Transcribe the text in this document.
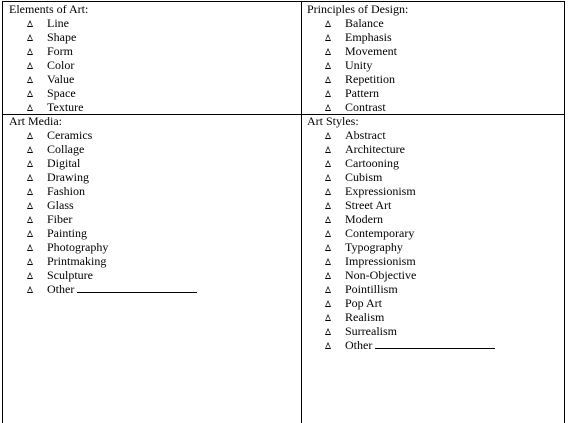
Elements of Art:
Line
Shape
Form
Color
Value
Space
Texture
Principles of Design:
Balance
Emphasis
Movement
Unity
Repetition
Pattern
Contrast
Art Media:
Ceramics
Collage
Digital
Drawing
Fashion
Glass
Fiber
Painting
Photography
Printmaking
Sculpture
Other
Art Styles:
Abstract
Architecture
Cartooning
Cubism
Expressionism
Street Art
Modern
Contemporary
Typography
Impressionism
Non-Objective
Pointillism
Pop Art
Realism
Surrealism
Other
